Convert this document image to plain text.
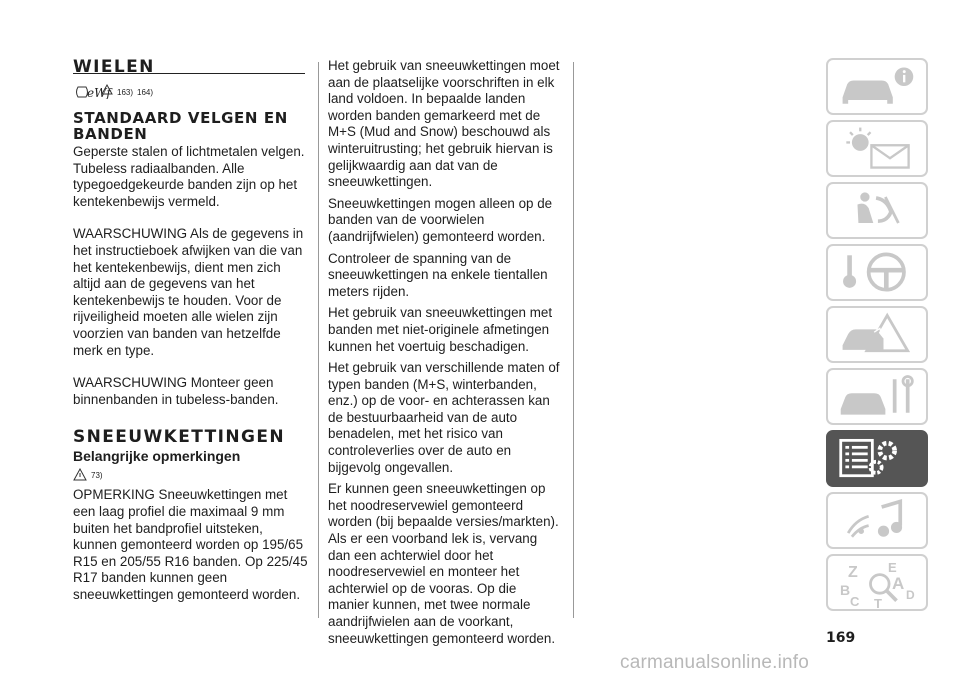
WIELEN
eWf 163) 164)
STANDAARD VELGEN EN BANDEN

Geperste stalen of lichtmetalen velgen. Tubeless radiaalbanden. Alle typegoedgekeurde banden zijn op het kentekenbewijs vermeld.

WAARSCHUWING Als de gegevens in het instructieboek afwijken van die van het kentekenbewijs, dient men zich altijd aan de gegevens van het kentekenbewijs te houden. Voor de rijveiligheid moeten alle wielen zijn voorzien van banden van hetzelfde merk en type.

WAARSCHUWING Monteer geen binnenbanden in tubeless-banden.

SNEEUWKETTINGEN
Belangrijke opmerkingen
73)

OPMERKING Sneeuwkettingen met een laag profiel die maximaal 9 mm buiten het bandprofiel uitsteken, kunnen gemonteerd worden op 195/65 R15 en 205/55 R16 banden. Op 225/45 R17 banden kunnen geen sneeuwkettingen gemonteerd worden.

Het gebruik van sneeuwkettingen moet aan de plaatselijke voorschriften in elk land voldoen. In bepaalde landen worden banden gemarkeerd met de M+S (Mud and Snow) beschouwd als winteruitrusting; het gebruik hiervan is gelijkwaardig aan dat van de sneeuwkettingen.

Sneeuwkettingen mogen alleen op de banden van de voorwielen (aandrijfwielen) gemonteerd worden.

Controleer de spanning van de sneeuwkettingen na enkele tientallen meters rijden.

Het gebruik van sneeuwkettingen met banden met niet-originele afmetingen kunnen het voertuig beschadigen.

Het gebruik van verschillende maten of typen banden (M+S, winterbanden, enz.) op de voor- en achterassen kan de bestuurbaarheid van de auto benadelen, met het risico van controleverlies over de auto en bijgevolg ongevallen.

Er kunnen geen sneeuwkettingen op het noodreservewiel gemonteerd worden (bij bepaalde versies/markten). Als er een voorband lek is, vervang dan een achterwiel door het noodreservewiel en monteer het achterwiel op de vooras. Op die manier kunnen, met twee normale aandrijfwielen aan de voorkant, sneeuwkettingen gemonteerd worden.

Z E
B A
C	D
T
169
carmanualsonline.info
